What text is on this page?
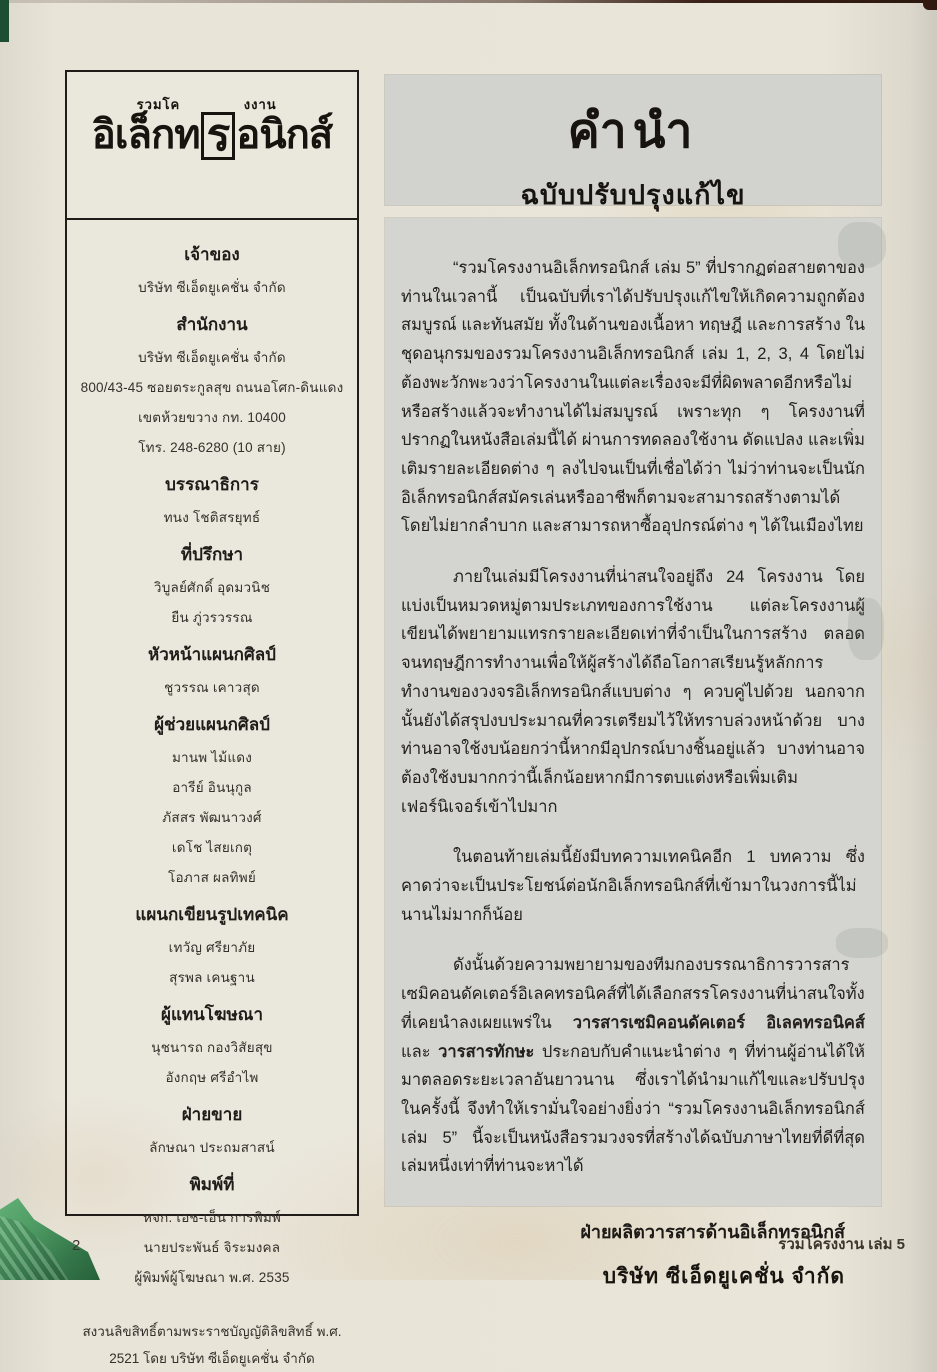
รวมโค	งงาน
อิเล็กท ร อนิกส์
เจ้าของ
บริษัท ซีเอ็ดยูเคชั่น จำกัด
สำนักงาน
บริษัท ซีเอ็ดยูเคชั่น จำกัด
800/43-45 ซอยตระกูลสุข ถนนอโศก-ดินแดง
เขตห้วยขวาง กท. 10400
โทร. 248-6280 (10 สาย)
บรรณาธิการ
ทนง โชติสรยุทธ์
ที่ปรึกษา
วิบูลย์ศักดิ์ อุดมวนิช
ยืน ภู่วรวรรณ
หัวหน้าแผนกศิลป์
ชูวรรณ เคาวสุด
ผู้ช่วยแผนกศิลป์
มานพ ไม้แดง
อารีย์ อินนุกูล
ภัสสร พัฒนาวงศ์
เดโช ไสยเกตุ
โอภาส ผลทิพย์
แผนกเขียนรูปเทคนิค
เทวัญ ศรียาภัย
สุรพล เคนฐาน
ผู้แทนโฆษณา
นุชนารถ กองวิสัยสุข
อังกฤษ ศรีอำไพ
ฝ่ายขาย
ลักษณา ประถมสาสน์
พิมพ์ที่
หจก. เอช-เอ็น การพิมพ์
นายประพันธ์ จิระมงคล
ผู้พิมพ์ผู้โฆษณา พ.ศ. 2535
สงวนลิขสิทธิ์ตามพระราชบัญญัติลิขสิทธิ์ พ.ศ.
2521 โดย บริษัท ซีเอ็ดยูเคชั่น จำกัด
คำนำ
ฉบับปรับปรุงแก้ไข

“รวมโครงงานอิเล็กทรอนิกส์ เล่ม 5” ที่ปรากฏต่อสายตาของท่านในเวลานี้ เป็นฉบับที่เราได้ปรับปรุงแก้ไขให้เกิดความถูกต้อง สมบูรณ์ และทันสมัย ทั้งในด้านของเนื้อหา ทฤษฎี และการสร้าง ในชุดอนุกรมของรวมโครงงานอิเล็กทรอนิกส์ เล่ม 1, 2, 3, 4 โดยไม่ต้องพะวักพะวงว่าโครงงานในแต่ละเรื่องจะมีที่ผิดพลาดอีกหรือไม่ หรือสร้างแล้วจะทำงานได้ไม่สมบูรณ์ เพราะทุก ๆ โครงงานที่ปรากฏในหนังสือเล่มนี้ได้ ผ่านการทดลองใช้งาน ดัดแปลง และเพิ่มเติมรายละเอียดต่าง ๆ ลงไปจนเป็นที่เชื่อได้ว่า ไม่ว่าท่านจะเป็นนักอิเล็กทรอนิกส์สมัครเล่นหรืออาชีพก็ตามจะสามารถสร้างตามได้โดยไม่ยากลำบาก และสามารถหาซื้ออุปกรณ์ต่าง ๆ ได้ในเมืองไทย

ภายในเล่มมีโครงงานที่น่าสนใจอยู่ถึง 24 โครงงาน โดยแบ่งเป็นหมวดหมู่ตามประเภทของการใช้งาน แต่ละโครงงานผู้เขียนได้พยายามแทรกรายละเอียดเท่าที่จำเป็นในการสร้าง ตลอดจนทฤษฎีการทำงานเพื่อให้ผู้สร้างได้ถือโอกาสเรียนรู้หลักการทำงานของวงจรอิเล็กทรอนิกส์แบบต่าง ๆ ควบคู่ไปด้วย นอกจากนั้นยังได้สรุปงบประมาณที่ควรเตรียมไว้ให้ทราบล่วงหน้าด้วย บางท่านอาจใช้งบน้อยกว่านี้หากมีอุปกรณ์บางชิ้นอยู่แล้ว บางท่านอาจต้องใช้งบมากกว่านี้เล็กน้อยหากมีการตบแต่งหรือเพิ่มเติมเฟอร์นิเจอร์เข้าไปมาก

ในตอนท้ายเล่มนี้ยังมีบทความเทคนิคอีก 1 บทความ ซึ่งคาดว่าจะเป็นประโยชน์ต่อนักอิเล็กทรอนิกส์ที่เข้ามาในวงการนี้ไม่นานไม่มากก็น้อย

ดังนั้นด้วยความพยายามของทีมกองบรรณาธิการวารสารเซมิคอนดัคเตอร์อิเลคทรอนิคส์ที่ได้เลือกสรรโครงงานที่น่าสนใจทั้งที่เคยนำลงเผยแพร่ใน วารสารเซมิคอนดัคเตอร์ อิเลคทรอนิคส์ และ วารสารทักษะ ประกอบกับคำแนะนำต่าง ๆ ที่ท่านผู้อ่านได้ให้มาตลอดระยะเวลาอันยาวนาน ซึ่งเราได้นำมาแก้ไขและปรับปรุงในครั้งนี้ จึงทำให้เรามั่นใจอย่างยิ่งว่า “รวมโครงงานอิเล็กทรอนิกส์ เล่ม 5” นี้จะเป็นหนังสือรวมวงจรที่สร้างได้ฉบับภาษาไทยที่ดีที่สุดเล่มหนึ่งเท่าที่ท่านจะหาได้

ฝ่ายผลิตวารสารด้านอิเล็กทรอนิกส์
บริษัท ซีเอ็ดยูเคชั่น จำกัด
2	รวมโครงงาน เล่ม 5
